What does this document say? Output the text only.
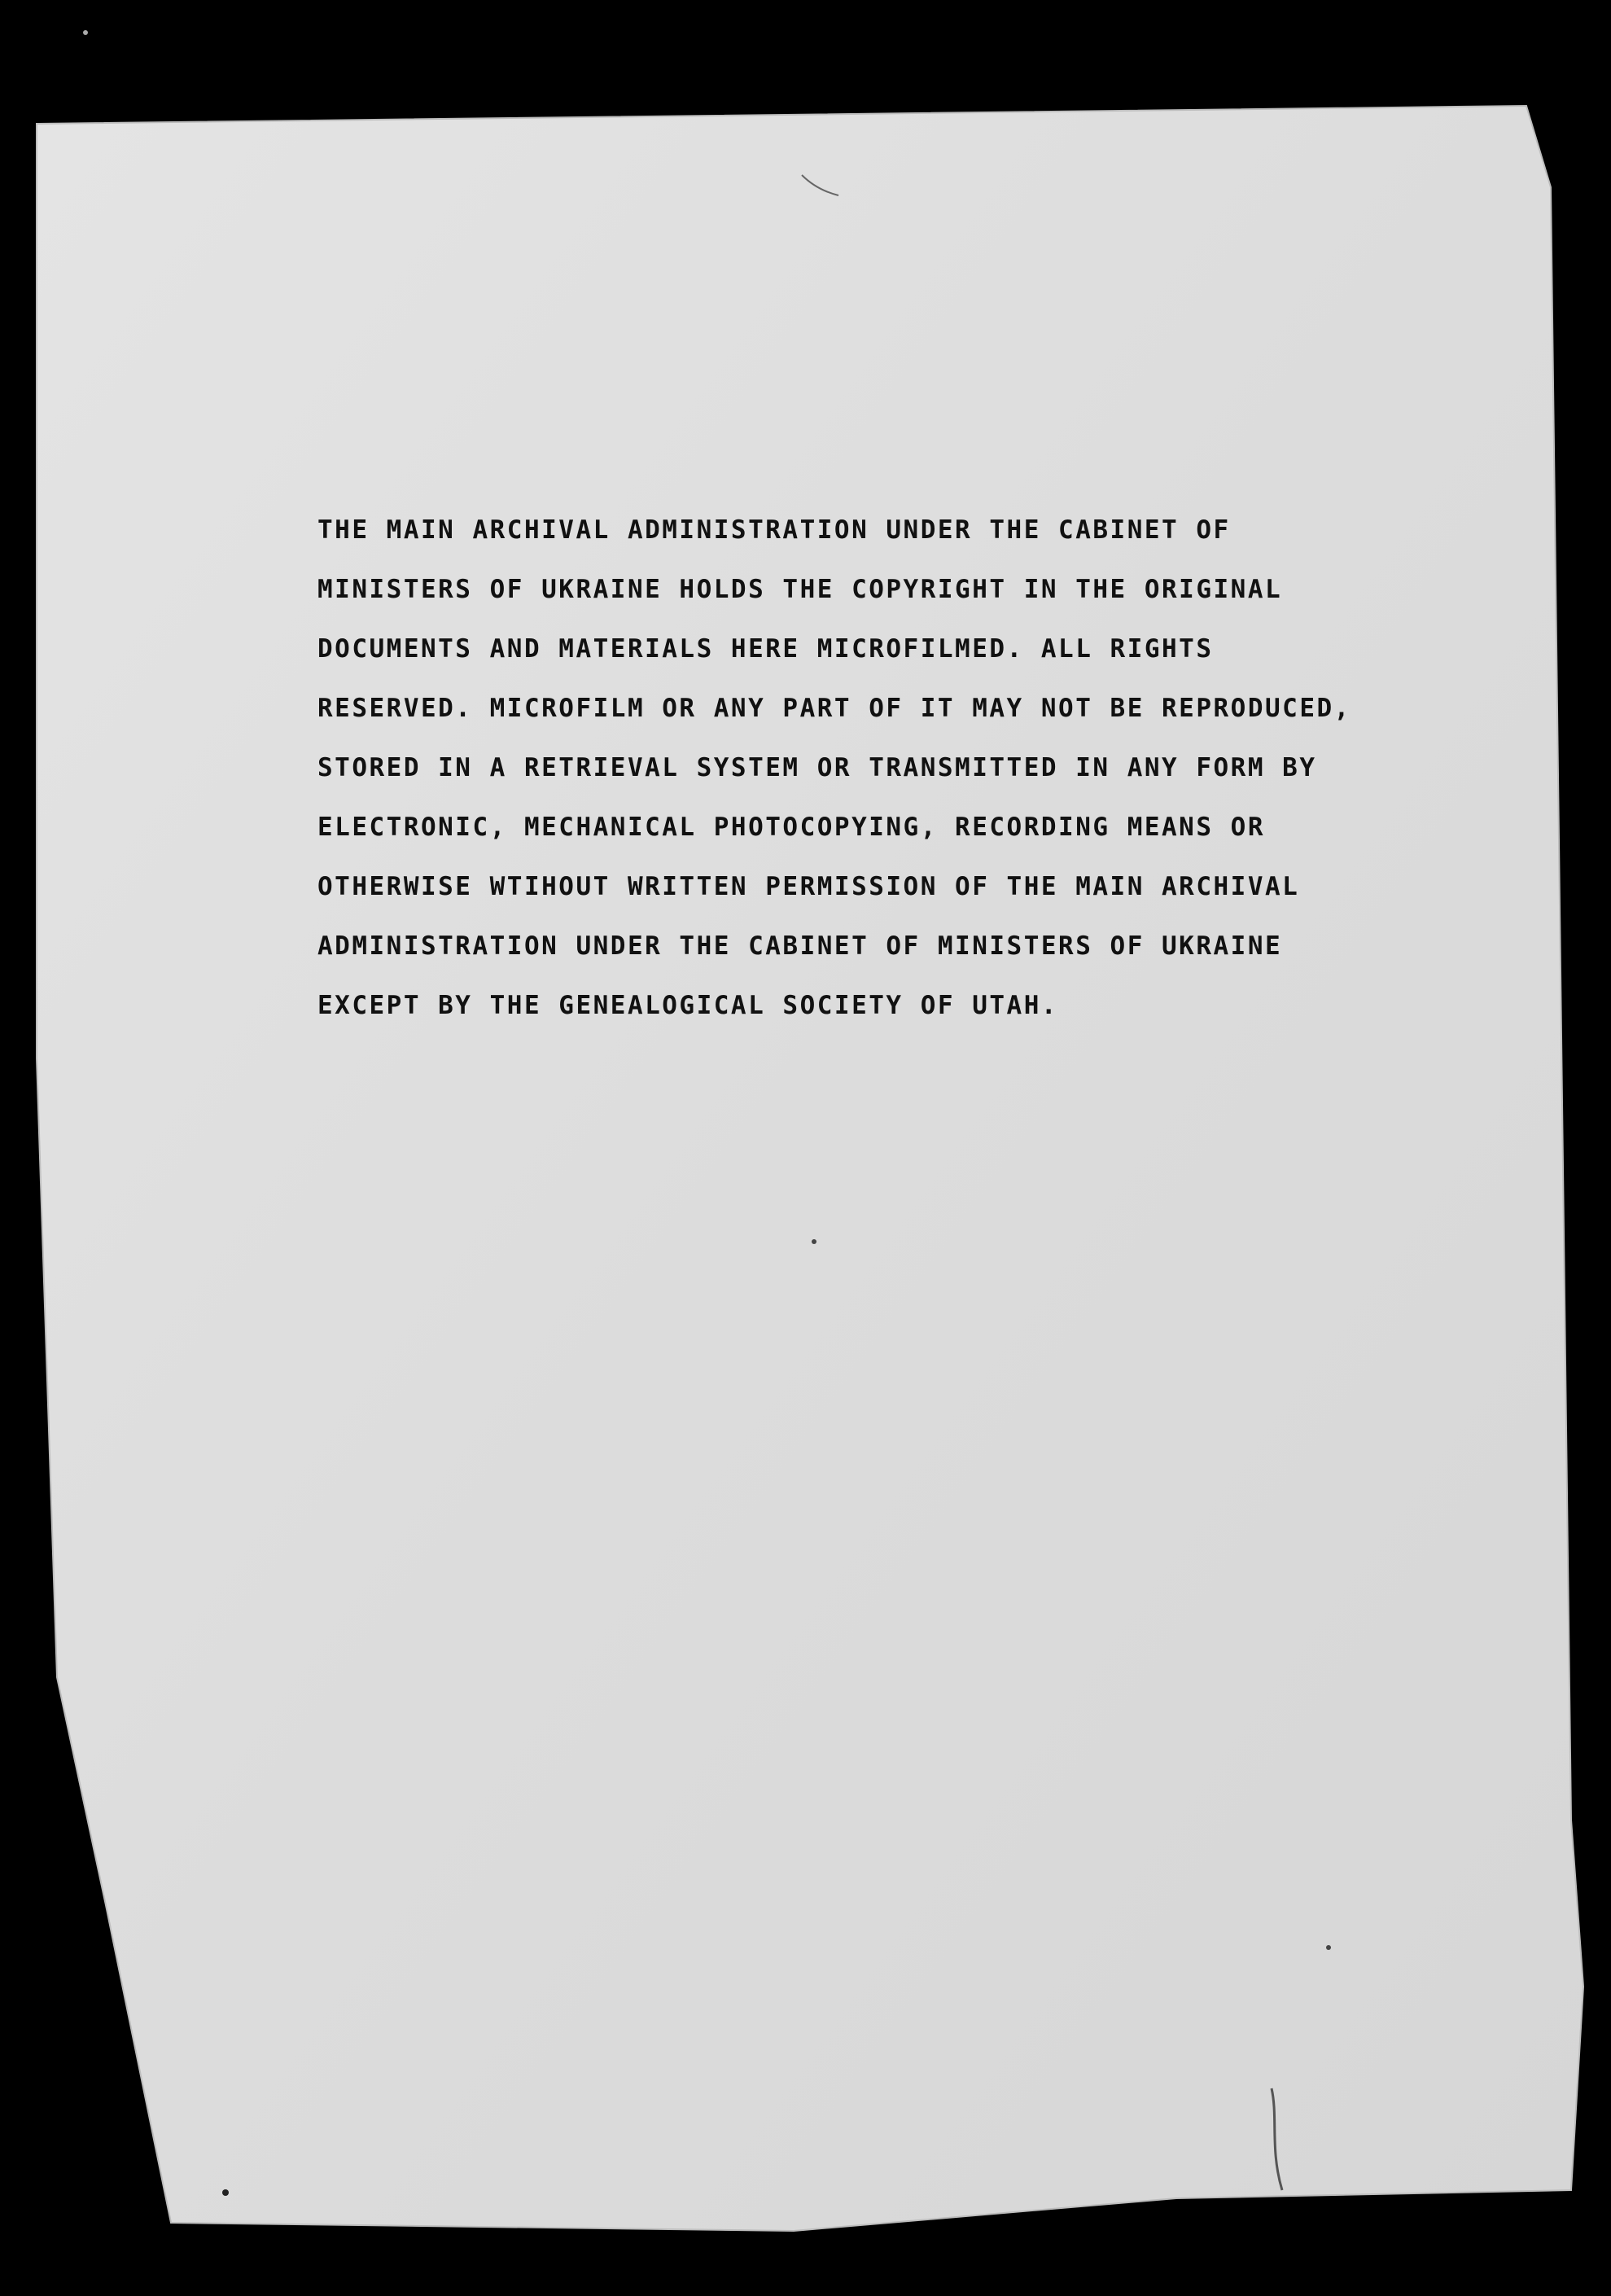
THE MAIN ARCHIVAL ADMINISTRATION UNDER THE CABINET OF
MINISTERS OF UKRAINE HOLDS THE COPYRIGHT IN THE ORIGINAL
DOCUMENTS AND MATERIALS HERE MICROFILMED. ALL RIGHTS
RESERVED. MICROFILM OR ANY PART OF IT MAY NOT BE REPRODUCED,
STORED IN A RETRIEVAL SYSTEM OR TRANSMITTED IN ANY FORM BY
ELECTRONIC, MECHANICAL PHOTOCOPYING, RECORDING MEANS OR
OTHERWISE WTIHOUT WRITTEN PERMISSION OF THE MAIN ARCHIVAL
ADMINISTRATION UNDER THE CABINET OF MINISTERS OF UKRAINE
EXCEPT BY THE GENEALOGICAL SOCIETY OF UTAH.
